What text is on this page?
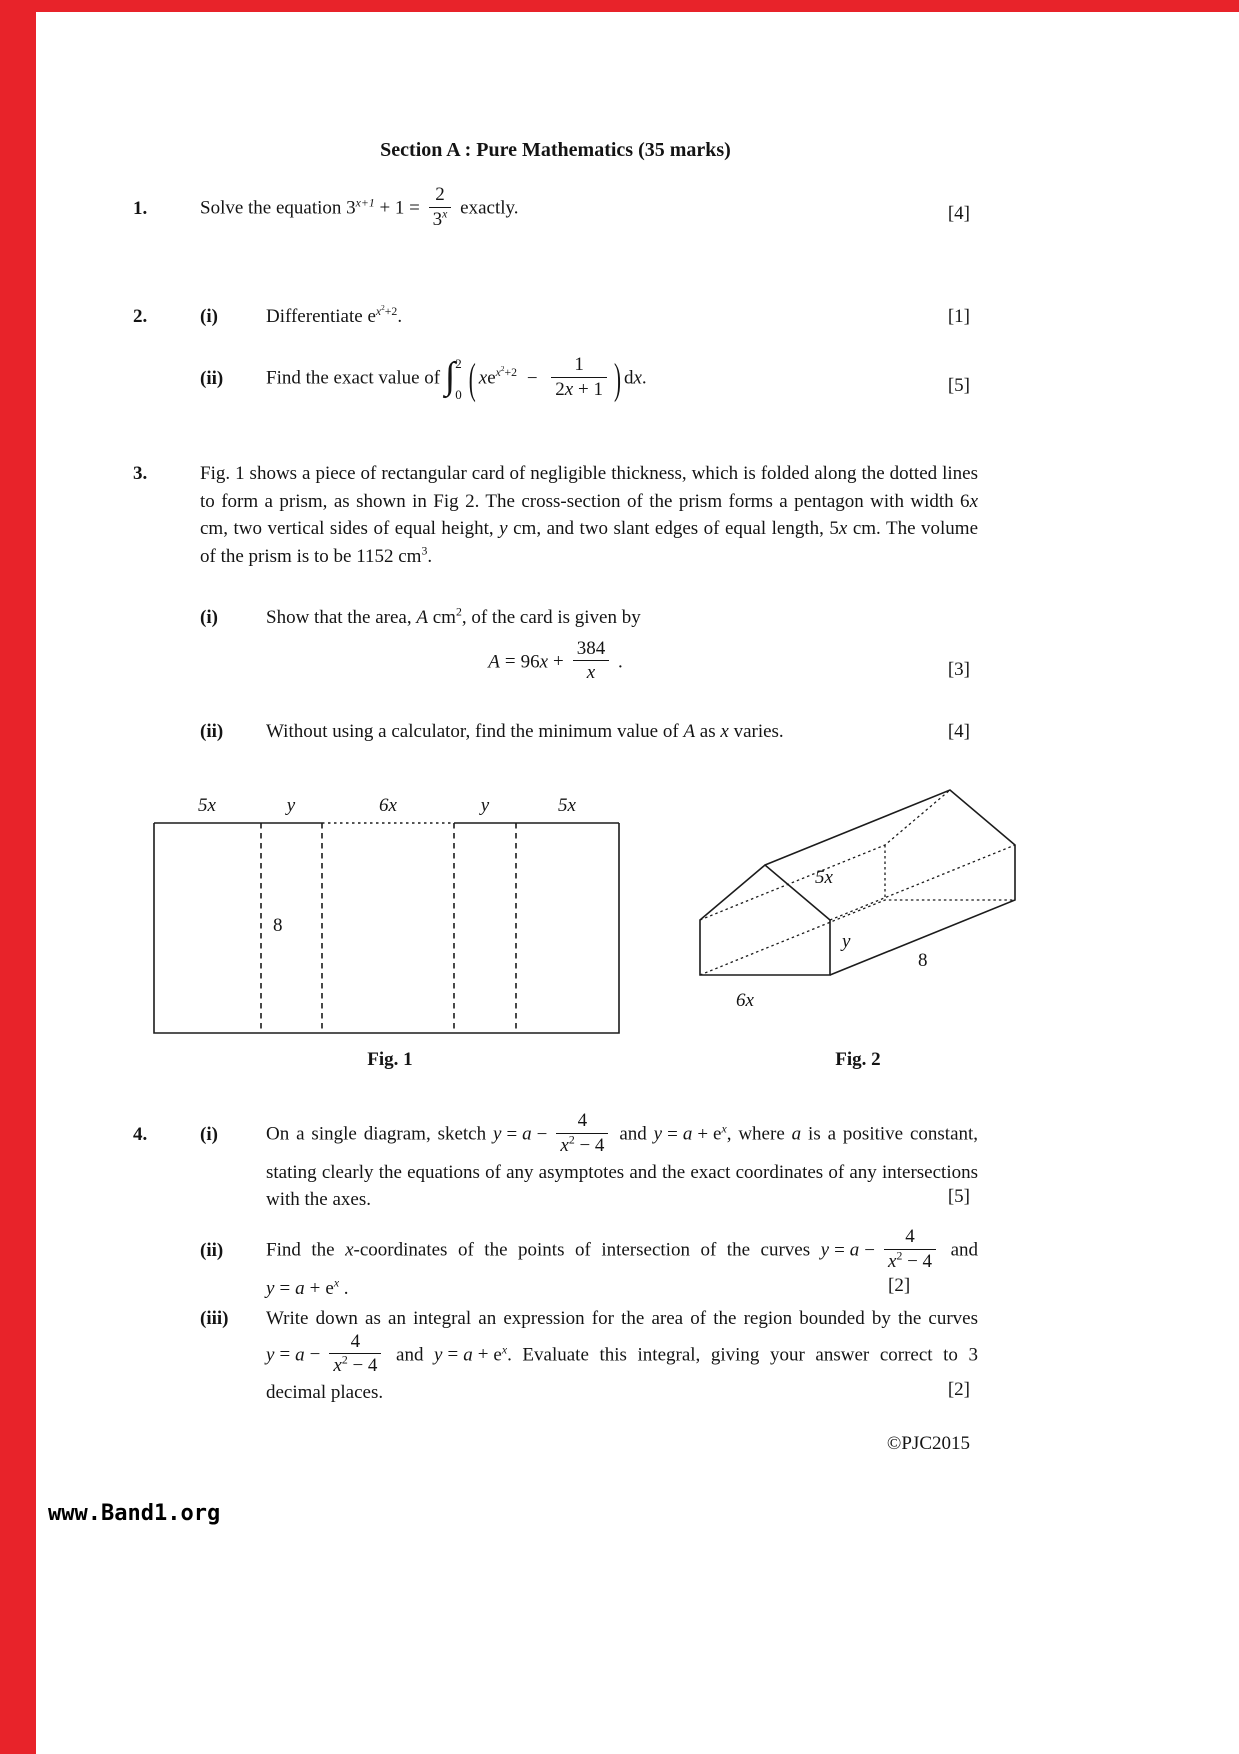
Section A : Pure Mathematics (35 marks)
1.	Solve the equation $3^{x+1} + 1 = \frac{2}{3^x}$ exactly.	[4]
2.	(i)	Differentiate $e^{x^2+2}$.	[1]
(ii)	Find the exact value of ∫ 2
0 ( $xe^{x^2+2} - \frac{1}{2x + 1}$ ) dx.	[5]
3.	Fig. 1 shows a piece of rectangular card of negligible thickness, which is folded along the dotted lines to form a prism, as shown in Fig 2. The cross-section of the prism forms a pentagon with width 6x cm, two vertical sides of equal height, y cm, and two slant edges of equal length, 5x cm. The volume of the prism is to be 1152 $cm^3$.
(i)	Show that the area, A $cm^2$, of the card is given by
$A = 96x + \frac{384}{x}$ .	[3]
(ii)	Without using a calculator, find the minimum value of A as x varies.	[4]
5x	y	6x	y	5x
8
5x
y
8
6x
Fig. 1	Fig. 2
4.	(i)	On a single diagram, sketch $y = a - \frac{4}{x^2 - 4}$ and $y = a + e^x$, where a is a positive constant, stating clearly the equations of any asymptotes and the exact coordinates of any intersections with the axes.	[5]
(ii)	Find the x-coordinates of the points of intersection of the curves $y = a - \frac{4}{x^2 - 4}$ and $y = a + e^x$ .	[2]
(iii)	Write down as an integral an expression for the area of the region bounded by the curves $y = a - \frac{4}{x^2 - 4}$ and $y = a + e^x$. Evaluate this integral, giving your answer correct to 3 decimal places.	[2]
©PJC2015
www.Band1.org
